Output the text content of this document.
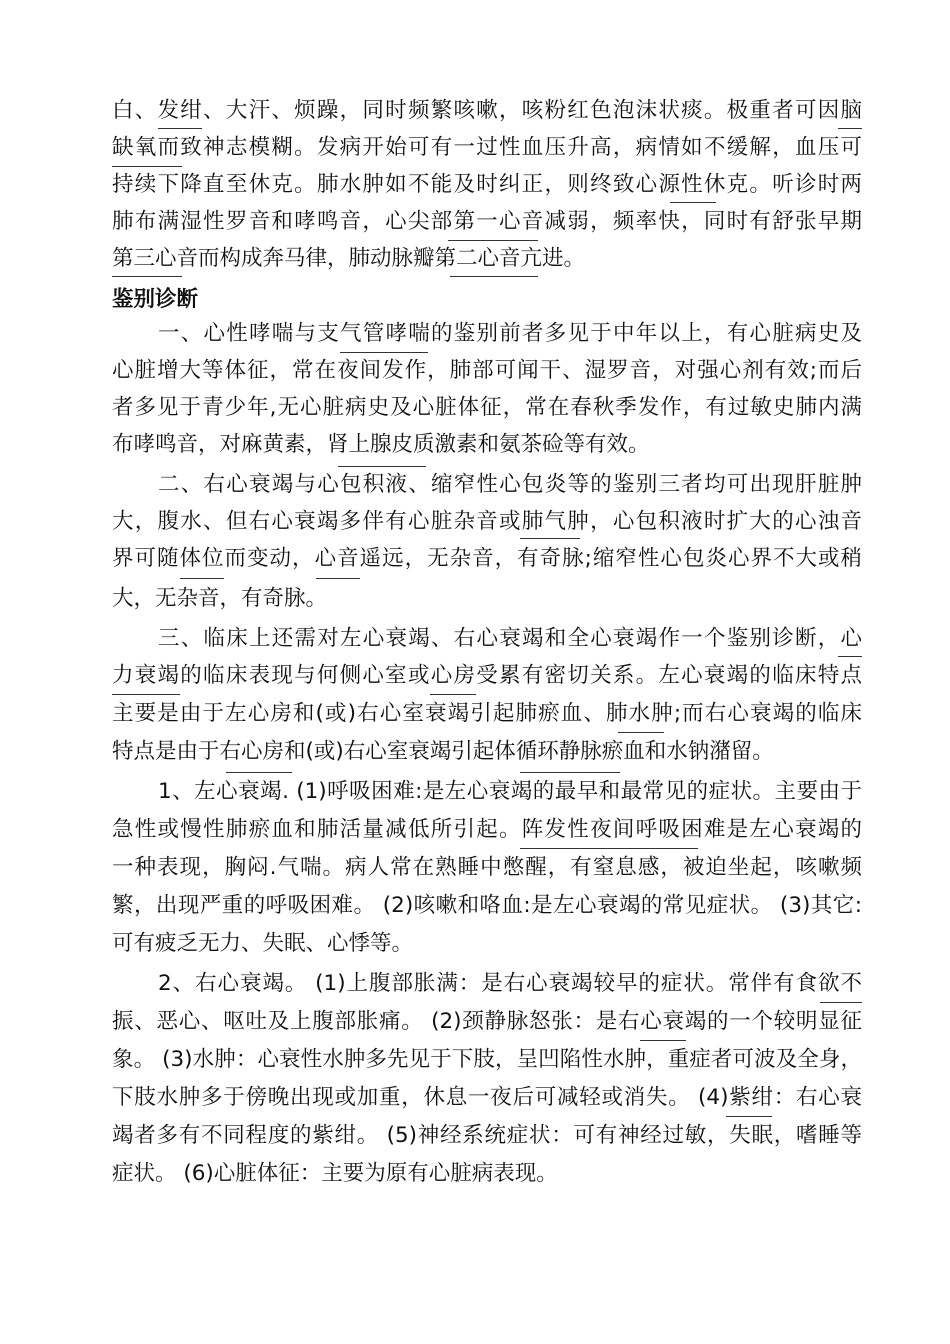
白、发绀、大汗、烦躁，同时频繁咳嗽，咳粉红色泡沫状痰。极重者可因脑
缺氧而致神志模糊。发病开始可有一过性血压升高，病情如不缓解，血压可
持续下降直至休克。肺水肿如不能及时纠正，则终致心源性休克。听诊时两
肺布满湿性罗音和哮鸣音，心尖部第一心音减弱，频率快，同时有舒张早期
第三心音而构成奔马律，肺动脉瓣第二心音亢进。
鉴别诊断
一、心性哮喘与支气管哮喘的鉴别前者多见于中年以上，有心脏病史及
心脏增大等体征，常在夜间发作，肺部可闻干、湿罗音，对强心剂有效;而后
者多见于青少年,无心脏病史及心脏体征，常在春秋季发作，有过敏史肺内满
布哮鸣音，对麻黄素，肾上腺皮质激素和氨茶硷等有效。
二、右心衰竭与心包积液、缩窄性心包炎等的鉴别三者均可出现肝脏肿
大，腹水、但右心衰竭多伴有心脏杂音或肺气肿，心包积液时扩大的心浊音
界可随体位而变动，心音遥远，无杂音，有奇脉;缩窄性心包炎心界不大或稍
大，无杂音，有奇脉。
三、临床上还需对左心衰竭、右心衰竭和全心衰竭作一个鉴别诊断，心
力衰竭的临床表现与何侧心室或心房受累有密切关系。左心衰竭的临床特点
主要是由于左心房和(或)右心室衰竭引起肺瘀血、肺水肿;而右心衰竭的临床
特点是由于右心房和(或)右心室衰竭引起体循环静脉瘀血和水钠潴留。
1、左心衰竭. (1)呼吸困难:是左心衰竭的最早和最常见的症状。主要由于
急性或慢性肺瘀血和肺活量减低所引起。阵发性夜间呼吸困难是左心衰竭的
一种表现，胸闷.气喘。病人常在熟睡中憋醒，有窒息感，被迫坐起，咳嗽频
繁，出现严重的呼吸困难。 (2)咳嗽和咯血:是左心衰竭的常见症状。 (3)其它:
可有疲乏无力、失眠、心悸等。
2、右心衰竭。 (1)上腹部胀满：是右心衰竭较早的症状。常伴有食欲不
振、恶心、呕吐及上腹部胀痛。 (2)颈静脉怒张：是右心衰竭的一个较明显征
象。 (3)水肿：心衰性水肿多先见于下肢，呈凹陷性水肿，重症者可波及全身，
下肢水肿多于傍晚出现或加重，休息一夜后可减轻或消失。 (4)紫绀：右心衰
竭者多有不同程度的紫绀。 (5)神经系统症状：可有神经过敏，失眠，嗜睡等
症状。 (6)心脏体征：主要为原有心脏病表现。
